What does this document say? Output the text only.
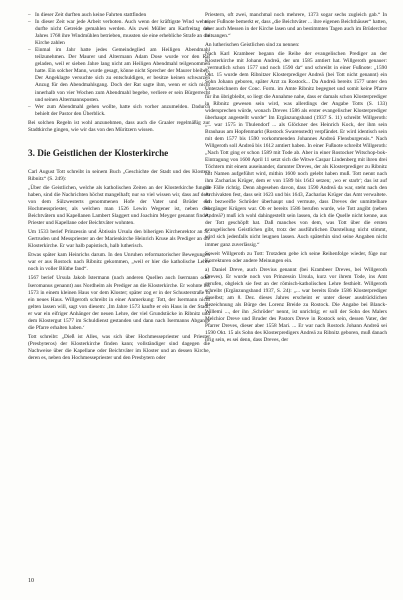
– In dieser Zeit durften auch keine Fahrten stattfinden
– In dieser Zeit war jede Arbeit verboten. Auch wenn der kräftigste Wind wehte, durfte nicht Getreide gemahlen werden. Als zwei Müller am Karfreitag des Jahres 1768 ihre Windmühlen betrieben, mussten sie eine erhebliche Strafe an die Kirche zahlen
– Einmal im Jahr hatte jedes Gemeindeglied am Heiligen Abendmahl teilzunehmen. Der Maurer und Altermann Adam Dose wurde vor den Rat geladen, weil er sieben Jahre lang nicht am Heiligen Abendmahl teilgenommen hatte. Ein solcher Mann, wurde gesagt, könne nicht Sprecher der Maurer bleiben. Der Angeklagte versuchte sich zu entschuldigen, er besitze keinen schwarzen Anzug für den Abendmahlsgang. Doch der Rat sagte ihm, wenn er sich nicht innerhalb von vier Wochen zum Abendmahl begebe, verliere er sein Bürgerrecht und seinen Altermannsposten.
– Wer zum Abendmahl gehen wollte, hatte sich vorher anzumelden. Dadurch behielt der Pastor den Überblick.

Bei solchen Regeln ist wohl anzunehmen, dass auch die Graaler regelmäßig zur Stadtkirche gingen, wie wir das von den Müritzern wissen.

3. Die Geistlichen der Klosterkirche

Carl August Tott schreibt in seinem Buch „Geschichte der Stadt und des Klosters Ribnitz“ (S. 249):

„Über die Geistlichen, welche als katholischen Zeiten an der Klosterkirche fungirt haben, sind die Nachrichten höchst mangelhaft; nur so viel wissen wir, dass auf dem von dem Sülzwesterts genommenen Hofe der Vater und Brüder ein Hochmesspriester, als welchen man 1526 Lewin Wegener ist, neben den Beichtvätern und Kapellanen Lambert Slaggert und Joachim Meyger genannt findet, Priester und Kapellane oder Beichtväter wohnten.

Um 1533 berief Prinzessin und Äbtissin Ursula den biherigen Kirchenrektor an St. Gertruden und Messpriester an der Marienkirche Heinrich Kruse als Prediger an die Klosterkirche. Er war halb papistisch, halb lutherisch.

Etwas später kam Heinrichs darum. In den Unruhen reformatorischer Bewegungen war er aus Rostock nach Ribnitz gekommen, „weil er hier die katholische Lehre noch in voller Blüthe fand“.

1567 berief Ursula Jakob Istermann (nach anderen Quellen auch Isermann oder Iseromanus genannt) aus Nordheim als Prediger an die Klosterkirche. Er wohnte bis 1573 in einem kleinen Haus vor dem Kloster; später zog er in der Schusterstraße in ein neues Haus. Willgeroth schreibt in einer Anmerkung: Tott, der Isermann nicht gelten lassen will, sagt von diesem: ‚Im Jahre 1573 kaufte er ein Haus in der Stadt; er war ein eifriger Anhänger der neuen Lehre, der viel Grundstücke in Ribnitz und dem Klostergut 1577 im Schuldienst gestanden und dann nach Isermanns Abgange die Pfarre erhalten haben.‘

Tott schreibt: „Dieß ist Alles, was sich über Hochmessepriester und Priester (Presbyteros) der Klosterkirche finden kann; vollständiger sind dagegen die Nachweise über die Kapellane oder Beichtväter im Kloster und an dessen Kirche, deren es, neben den Hochmessepriester und den Presbytern oder

Priestern, oft zwei, manchmal noch mehrere, 1373 sogar sechs zugleich gab.“ In einer Fußnote bemerkt er, dass „die Beichtväter ... ihre eigenen Beichthäuser“ hatten, aber auch Messen in der Kirche lasen und an bestimmten Tagen auch im Brüderchor mitsangen.“

An lutherischen Geistlichen sind zu nennen:

Nach Karl Krambeer begann die Reihe der evangelischen Prediger an der Klosterkirche mit Johann Andreä, der um 1585 amtiert hat. Willgeroth genauer: „vermutlich schon 1577 und noch 1590 da“ und schreibt in einer Fußnote: „1590 Okt. 15 wurde dem Ribnitzer Klosterprediger Andreä (bei Tott nicht genannt) ein Sohn Johann geboren, später Arzt zu Rostock... Da Andreä bereits 1577 unter den Unterzeichnern der Conc. Form. im Amte Ribnitz begegnet und somit keine Pfarre für ihn übrigbleibt, so liegt die Annahme nahe, dass er damals schon Klosterprediger in Ribnitz gewesen sein wird, was allerdings der Angabe Totts (S. 133) widersprechen würde, wonach Dreves 1586 als erster evangelischer Klosterprediger überhaupt angestellt wurde“ Im Ergänzungsband (1937 S. 11) schreibt Willgeroth: „... war 1575 in Thulendorf ... als Glöckner des Heinrich Kock, der ihm sein Brauhaus am Hopfenmarkt (Rostock Swarenstedt) verpfändet. Er wird identisch sein mit dem 1577 bis 1590 vorkommenden Johannes Andreä Flensburgensis.“ Nach Willgeroth soll Andreä bis 1612 amtiert haben. In einer Fußnote schreibt Willgeroth: „Nach Tott ging er schon 1589 mit Tode ab. Aber in einer Rostocker Witschop-bok-Eintragung von 1600 April 11 setzt sich die Witwe Caspar Lindenberg mit ihren drei Töchtern mit einem auseinander, darunter Dreves, der als Klosterprediger zu Ribnitz mit Namen aufgeführt wird, mithin 1600 noch gelebt haben muß. Tott nennt nach ihm Zacharias Krüger, dem er von 1589 bis 1643 setzen; ‚wo er starb‘; das ist auf die Fälle richtig. Denn abgesehen davon, dass 1590 Andreä da war, steht nach den Archivakten fest, dass seit 1623 und bis 1643, Zacharias Krüger das Amt verwaltete. Ich bezweifle Schröder überhaupt und vermute, dass Dreves der unmittelbare Vorgänger Krügers war. Ob er bereits 1586 berufen wurde, wie Tott angibt (neben Andreä?) muß ich wohl dahingestellt sein lassen, da ich die Quelle nicht kenne, aus der Tott geschöpft hat. Daß manches von dem, was Tott über die ersten evangelischen Geistlichen gibt, trotz der ausführlichen Darstellung nicht stimmt, wird sich jedenfalls nicht leugnen lassen. Auch späterhin sind seine Angaben nicht immer ganz zuverlässig.“

Soweit Willgeroth zu Tott: Trotzdem gebe ich seine Reihenfolge wieder, füge nur Korrekturen oder andere Meinungen ein.

a) Daniel Dreve, auch Drevius genannt (bei Krambeer Dreves, bei Willgeroth Dreves). Er wurde noch von Prinzessin Ursula, kurz vor ihrem Tode, ins Amt gerufen, obgleich sie fest an der römisch-katholischen Lehre festhielt. Willgeroth schreibt (Ergänzungsband 1937, S. 24): „... war bereits Ende 1586 Klosterprediger daselbst; am 8. Dez. dieses Jahres erscheint er unter dieser ausdrücklichen Bezeichnung als Bürge des Lorenz Breide zu Rostock. Die Angabe bei Blanck-Willemi ..., der ihn ‚Schröder‘ nennt, ist unrichtig; er soll der Sohn des Malers Melchior Dreve und Bruder des Pastors Dreve in Rostock sein, dessen Vater, der Pfarrer Dreves, dieser aber 1558 Mari. ... Er war nach Rostock Johann Andreä sei 1590 Okt. 15 als Sohn des Klosterpredigers Andreä zu Ribnitz geboren, muß danach irrig sein, es sei denn, dass Dreves, der

10
